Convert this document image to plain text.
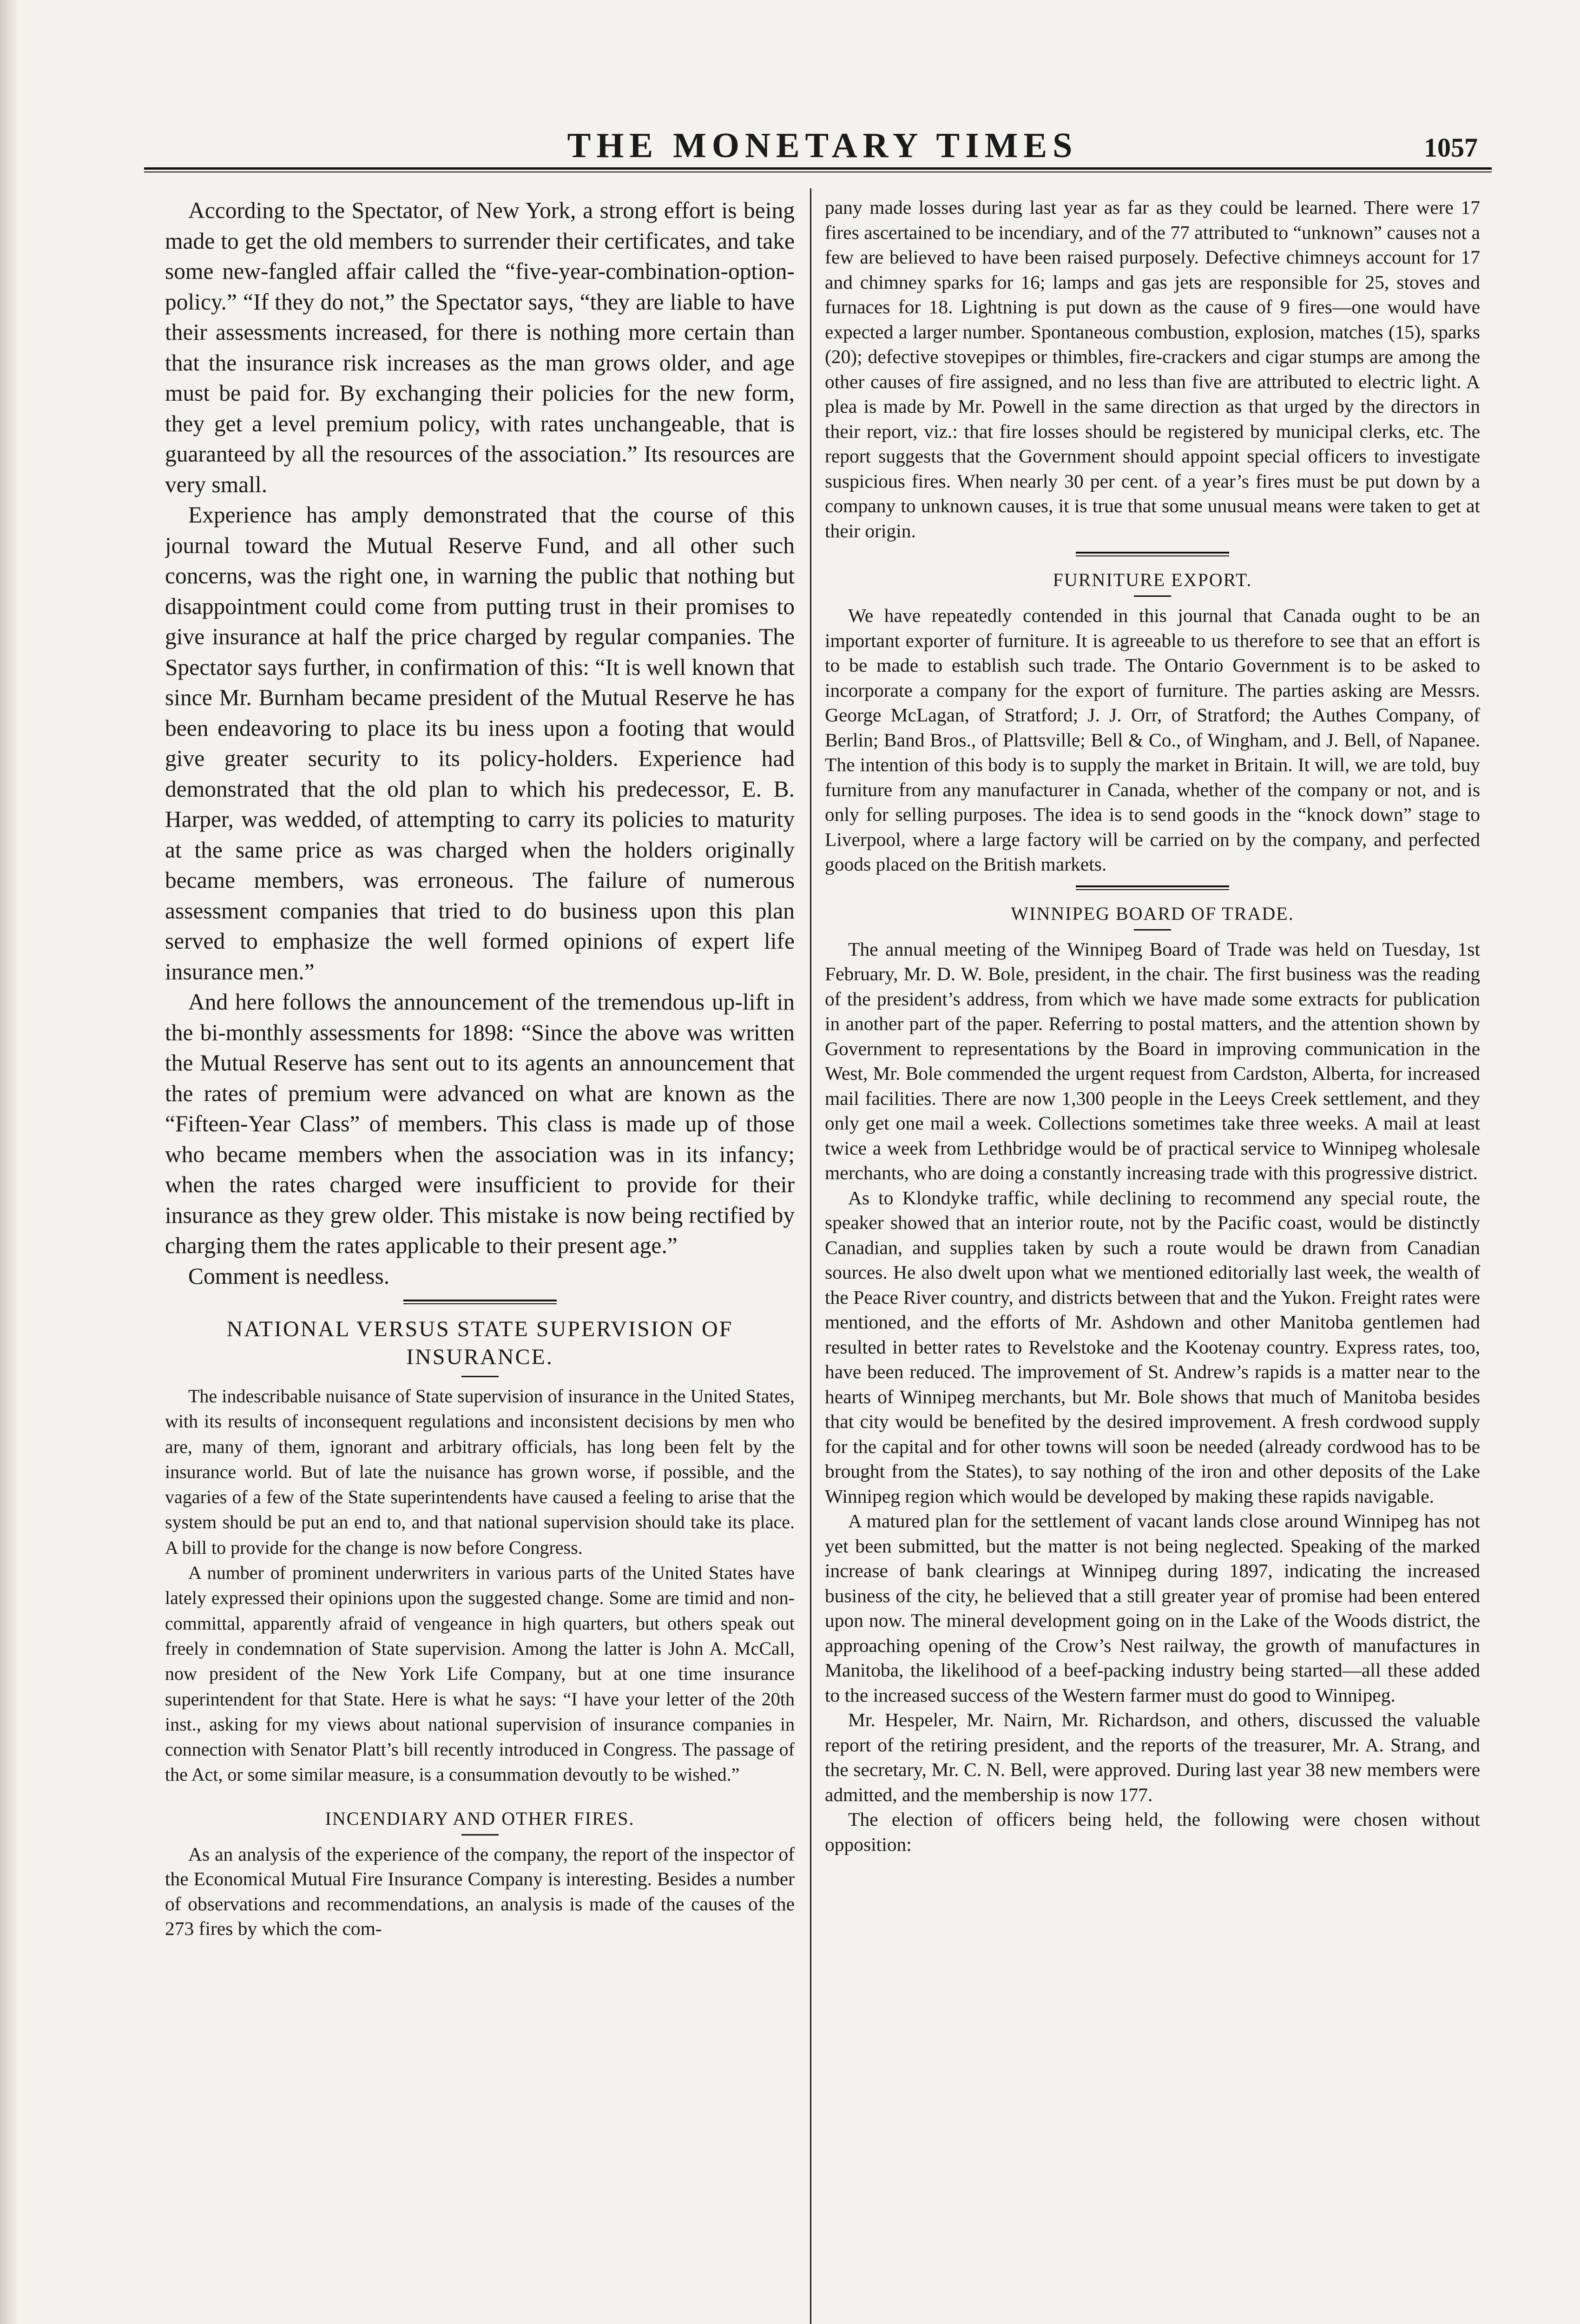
THE MONETARY TIMES	1057

According to the Spectator, of New York, a strong effort is being made to get the old members to surrender their certificates, and take some new-fangled affair called the “five-year-combination-option-policy.” “If they do not,” the Spectator says, “they are liable to have their assessments increased, for there is nothing more certain than that the insurance risk increases as the man grows older, and age must be paid for. By exchanging their policies for the new form, they get a level premium policy, with rates unchangeable, that is guaranteed by all the resources of the association.” Its resources are very small.

Experience has amply demonstrated that the course of this journal toward the Mutual Reserve Fund, and all other such concerns, was the right one, in warning the public that nothing but disappointment could come from putting trust in their promises to give insurance at half the price charged by regular companies. The Spectator says further, in confirmation of this: “It is well known that since Mr. Burnham became president of the Mutual Reserve he has been endeavoring to place its bu iness upon a footing that would give greater security to its policy-holders. Experience had demonstrated that the old plan to which his predecessor, E. B. Harper, was wedded, of attempting to carry its policies to maturity at the same price as was charged when the holders originally became members, was erroneous. The failure of numerous assessment companies that tried to do business upon this plan served to emphasize the well formed opinions of expert life insurance men.”

And here follows the announcement of the tremendous up-lift in the bi-monthly assessments for 1898: “Since the above was written the Mutual Reserve has sent out to its agents an announcement that the rates of premium were advanced on what are known as the “Fifteen-Year Class” of members. This class is made up of those who became members when the association was in its infancy; when the rates charged were insufficient to provide for their insurance as they grew older. This mistake is now being rectified by charging them the rates applicable to their present age.”

Comment is needless.

NATIONAL VERSUS STATE SUPERVISION OF INSURANCE.

The indescribable nuisance of State supervision of insurance in the United States, with its results of inconsequent regulations and inconsistent decisions by men who are, many of them, ignorant and arbitrary officials, has long been felt by the insurance world. But of late the nuisance has grown worse, if possible, and the vagaries of a few of the State superintendents have caused a feeling to arise that the system should be put an end to, and that national supervision should take its place. A bill to provide for the change is now before Congress.

A number of prominent underwriters in various parts of the United States have lately expressed their opinions upon the suggested change. Some are timid and non-committal, apparently afraid of vengeance in high quarters, but others speak out freely in condemnation of State supervision. Among the latter is John A. McCall, now president of the New York Life Company, but at one time insurance superintendent for that State. Here is what he says: “I have your letter of the 20th inst., asking for my views about national supervision of insurance companies in connection with Senator Platt’s bill recently introduced in Congress. The passage of the Act, or some similar measure, is a consummation devoutly to be wished.”

INCENDIARY AND OTHER FIRES.

As an analysis of the experience of the company, the report of the inspector of the Economical Mutual Fire Insurance Company is interesting. Besides a number of observations and recommendations, an analysis is made of the causes of the 273 fires by which the com-

pany made losses during last year as far as they could be learned. There were 17 fires ascertained to be incendiary, and of the 77 attributed to “unknown” causes not a few are believed to have been raised purposely. Defective chimneys account for 17 and chimney sparks for 16; lamps and gas jets are responsible for 25, stoves and furnaces for 18. Lightning is put down as the cause of 9 fires—one would have expected a larger number. Spontaneous combustion, explosion, matches (15), sparks (20); defective stovepipes or thimbles, fire-crackers and cigar stumps are among the other causes of fire assigned, and no less than five are attributed to electric light. A plea is made by Mr. Powell in the same direction as that urged by the directors in their report, viz.: that fire losses should be registered by municipal clerks, etc. The report suggests that the Government should appoint special officers to investigate suspicious fires. When nearly 30 per cent. of a year’s fires must be put down by a company to unknown causes, it is true that some unusual means were taken to get at their origin.

FURNITURE EXPORT.

We have repeatedly contended in this journal that Canada ought to be an important exporter of furniture. It is agreeable to us therefore to see that an effort is to be made to establish such trade. The Ontario Government is to be asked to incorporate a company for the export of furniture. The parties asking are Messrs. George McLagan, of Stratford; J. J. Orr, of Stratford; the Authes Company, of Berlin; Band Bros., of Plattsville; Bell & Co., of Wingham, and J. Bell, of Napanee. The intention of this body is to supply the market in Britain. It will, we are told, buy furniture from any manufacturer in Canada, whether of the company or not, and is only for selling purposes. The idea is to send goods in the “knock down” stage to Liverpool, where a large factory will be carried on by the company, and perfected goods placed on the British markets.

WINNIPEG BOARD OF TRADE.

The annual meeting of the Winnipeg Board of Trade was held on Tuesday, 1st February, Mr. D. W. Bole, president, in the chair. The first business was the reading of the president’s address, from which we have made some extracts for publication in another part of the paper. Referring to postal matters, and the attention shown by Government to representations by the Board in improving communication in the West, Mr. Bole commended the urgent request from Cardston, Alberta, for increased mail facilities. There are now 1,300 people in the Leeys Creek settlement, and they only get one mail a week. Collections sometimes take three weeks. A mail at least twice a week from Lethbridge would be of practical service to Winnipeg wholesale merchants, who are doing a constantly increasing trade with this progressive district.

As to Klondyke traffic, while declining to recommend any special route, the speaker showed that an interior route, not by the Pacific coast, would be distinctly Canadian, and supplies taken by such a route would be drawn from Canadian sources. He also dwelt upon what we mentioned editorially last week, the wealth of the Peace River country, and districts between that and the Yukon. Freight rates were mentioned, and the efforts of Mr. Ashdown and other Manitoba gentlemen had resulted in better rates to Revelstoke and the Kootenay country. Express rates, too, have been reduced. The improvement of St. Andrew’s rapids is a matter near to the hearts of Winnipeg merchants, but Mr. Bole shows that much of Manitoba besides that city would be benefited by the desired improvement. A fresh cordwood supply for the capital and for other towns will soon be needed (already cordwood has to be brought from the States), to say nothing of the iron and other deposits of the Lake Winnipeg region which would be developed by making these rapids navigable.

A matured plan for the settlement of vacant lands close around Winnipeg has not yet been submitted, but the matter is not being neglected. Speaking of the marked increase of bank clearings at Winnipeg during 1897, indicating the increased business of the city, he believed that a still greater year of promise had been entered upon now. The mineral development going on in the Lake of the Woods district, the approaching opening of the Crow’s Nest railway, the growth of manufactures in Manitoba, the likelihood of a beef-packing industry being started—all these added to the increased success of the Western farmer must do good to Winnipeg.

Mr. Hespeler, Mr. Nairn, Mr. Richardson, and others, discussed the valuable report of the retiring president, and the reports of the treasurer, Mr. A. Strang, and the secretary, Mr. C. N. Bell, were approved. During last year 38 new members were admitted, and the membership is now 177.

The election of officers being held, the following were chosen without opposition:
